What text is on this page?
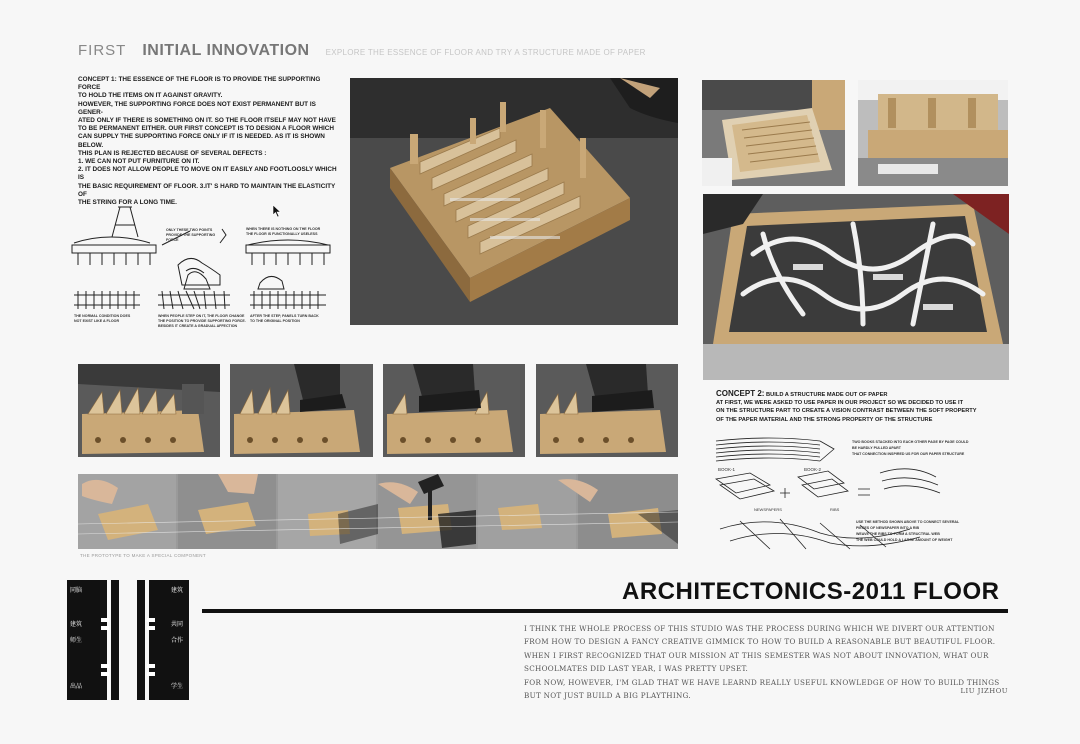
FIRST INITIAL INNOVATION EXPLORE THE ESSENCE OF FLOOR AND TRY A STRUCTURE MADE OF PAPER

CONCEPT 1: THE ESSENCE OF THE FLOOR IS TO PROVIDE THE SUPPORTING FORCE

TO HOLD THE ITEMS ON IT AGAINST GRAVITY.

HOWEVER, THE SUPPORTING FORCE DOES NOT EXIST PERMANENT BUT IS GENER-

ATED ONLY IF THERE IS SOMETHING ON IT. SO THE FLOOR ITSELF MAY NOT HAVE

TO BE PERMANENT EITHER. OUR FIRST CONCEPT IS TO DESIGN A FLOOR WHICH

CAN SUPPLY THE SUPPORTING FORCE ONLY IF IT IS NEEDED. AS IT IS SHOWN

BELOW.

THIS PLAN IS REJECTED BECAUSE OF SEVERAL DEFECTS :

1. WE CAN NOT PUT FURNITURE ON IT.

2. IT DOES NOT ALLOW PEOPLE TO MOVE ON IT EASILY AND FOOTLOOSLY WHICH IS

THE BASIC REQUIREMENT OF FLOOR. 3.IT' S HARD TO MAINTAIN THE ELASTICITY OF

THE STRING FOR A LONG TIME.

ONLY THESE TWO POINTS
PROVIDE THE SUPPORTING
FORCE
WHEN THERE IS NOTHING ON THE FLOOR
THE FLOOR IS FUNCTIONALLY USELESS
THE NORMAL CONDITION DOES
NOT EXIST LIKE A FLOOR
WHEN PEOPLE STEP ON IT, THE FLOOR CHANGE
THE POSITION TO PROVIDE SUPPORTING FORCE.
BESIDES IT CREATE A GRADUAL AFFECTION
AFTER THE STEP, PANELS TURN BACK
TO THE ORIGINAL POSITION
THE PROTOTYPE TO MAKE A SPECIAL COMPONENT
CONCEPT 2: BUILD A STRUCTURE MADE OUT OF PAPER
AT FIRST, WE WERE ASKED TO USE PAPER IN OUR PROJECT SO WE DECIDED TO USE IT
ON THE STRUCTURE PART TO CREATE A VISION CONTRAST BETWEEN THE SOFT PROPERTY
OF THE PAPER MATERIAL AND THE STRONG PROPERTY OF THE STRUCTURE
BOOK-1	BOOK-2
NEWSPAPERS	RIBS
TWO BOOKS STACKED INTO EACH OTHER PAGE BY PAGE COULD
BE HARDLY PULLED APART
THAT CONNECTION INSPIRED US FOR OUR PAPER STRUCTURE
USE THE METHOD SHOWN ABOVE TO CONNECT SEVERAL
PIECES OF NEWSPAPER INTO A RIB
WEAVE THE RIBS TO FORM A STRUCTRAL WEB
THE WEB COULD HOLD A LARGE AMOUNT OF WEIGHT
同脑
建筑
师生
出品
建筑
共同
合作
学生
ARCHITECTONICS-2011 FLOOR

I THINK THE WHOLE PROCESS OF THIS STUDIO WAS THE PROCESS DURING WHICH WE DIVERT OUR ATTENTION FROM HOW TO DESIGN A FANCY CREATIVE GIMMICK TO HOW TO BUILD A REASONABLE BUT BEAUTIFUL FLOOR.

WHEN I FIRST RECOGNIZED THAT OUR MISSION AT THIS SEMESTER WAS NOT ABOUT INNOVATION, WHAT OUR SCHOOLMATES DID LAST YEAR, I WAS PRETTY UPSET.

FOR NOW, HOWEVER, I'M GLAD THAT WE HAVE LEARND REALLY USEFUL KNOWLEDGE OF HOW TO BUILD THINGS BUT NOT JUST BUILD A BIG PLAYTHING.

LIU JIZHOU
